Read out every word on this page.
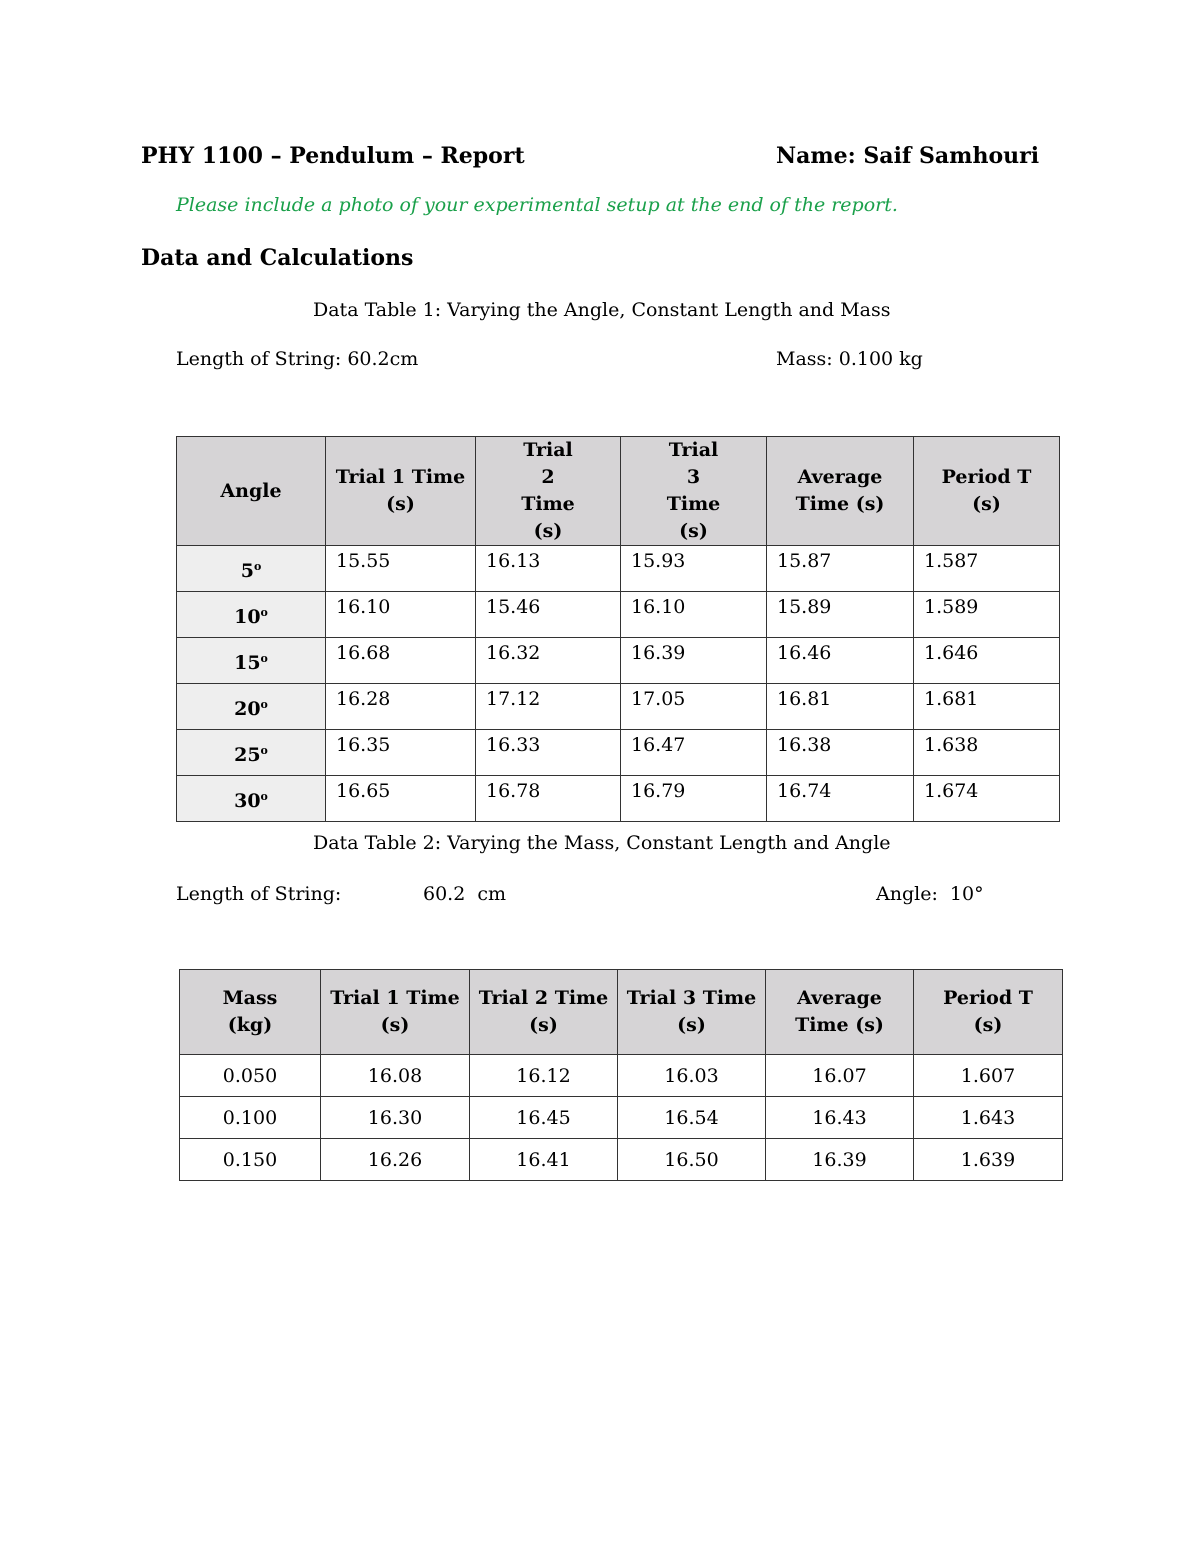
PHY 1100 – Pendulum – Report	Name: Saif Samhouri
Please include a photo of your experimental setup at the end of the report.
Data and Calculations
Data Table 1: Varying the Angle, Constant Length and Mass
Length of String: 60.2cm	Mass: 0.100 kg
Angle	Trial 1 Time (s)	Trial 2 Time (s)	Trial 3 Time (s)	Average Time (s)	Period T (s)
5$^o$	15.55	16.13	15.93	15.87	1.587
10$^o$	16.10	15.46	16.10	15.89	1.589
15$^o$	16.68	16.32	16.39	16.46	1.646
20$^o$	16.28	17.12	17.05	16.81	1.681
25$^o$	16.35	16.33	16.47	16.38	1.638
30$^o$	16.65	16.78	16.79	16.74	1.674
Data Table 2: Varying the Mass, Constant Length and Angle
Length of String:	60.2  cm	Angle:  10°
Mass (kg)	Trial 1 Time (s)	Trial 2 Time (s)	Trial 3 Time (s)	Average Time (s)	Period T (s)
0.050	16.08	16.12	16.03	16.07	1.607
0.100	16.30	16.45	16.54	16.43	1.643
0.150	16.26	16.41	16.50	16.39	1.639
